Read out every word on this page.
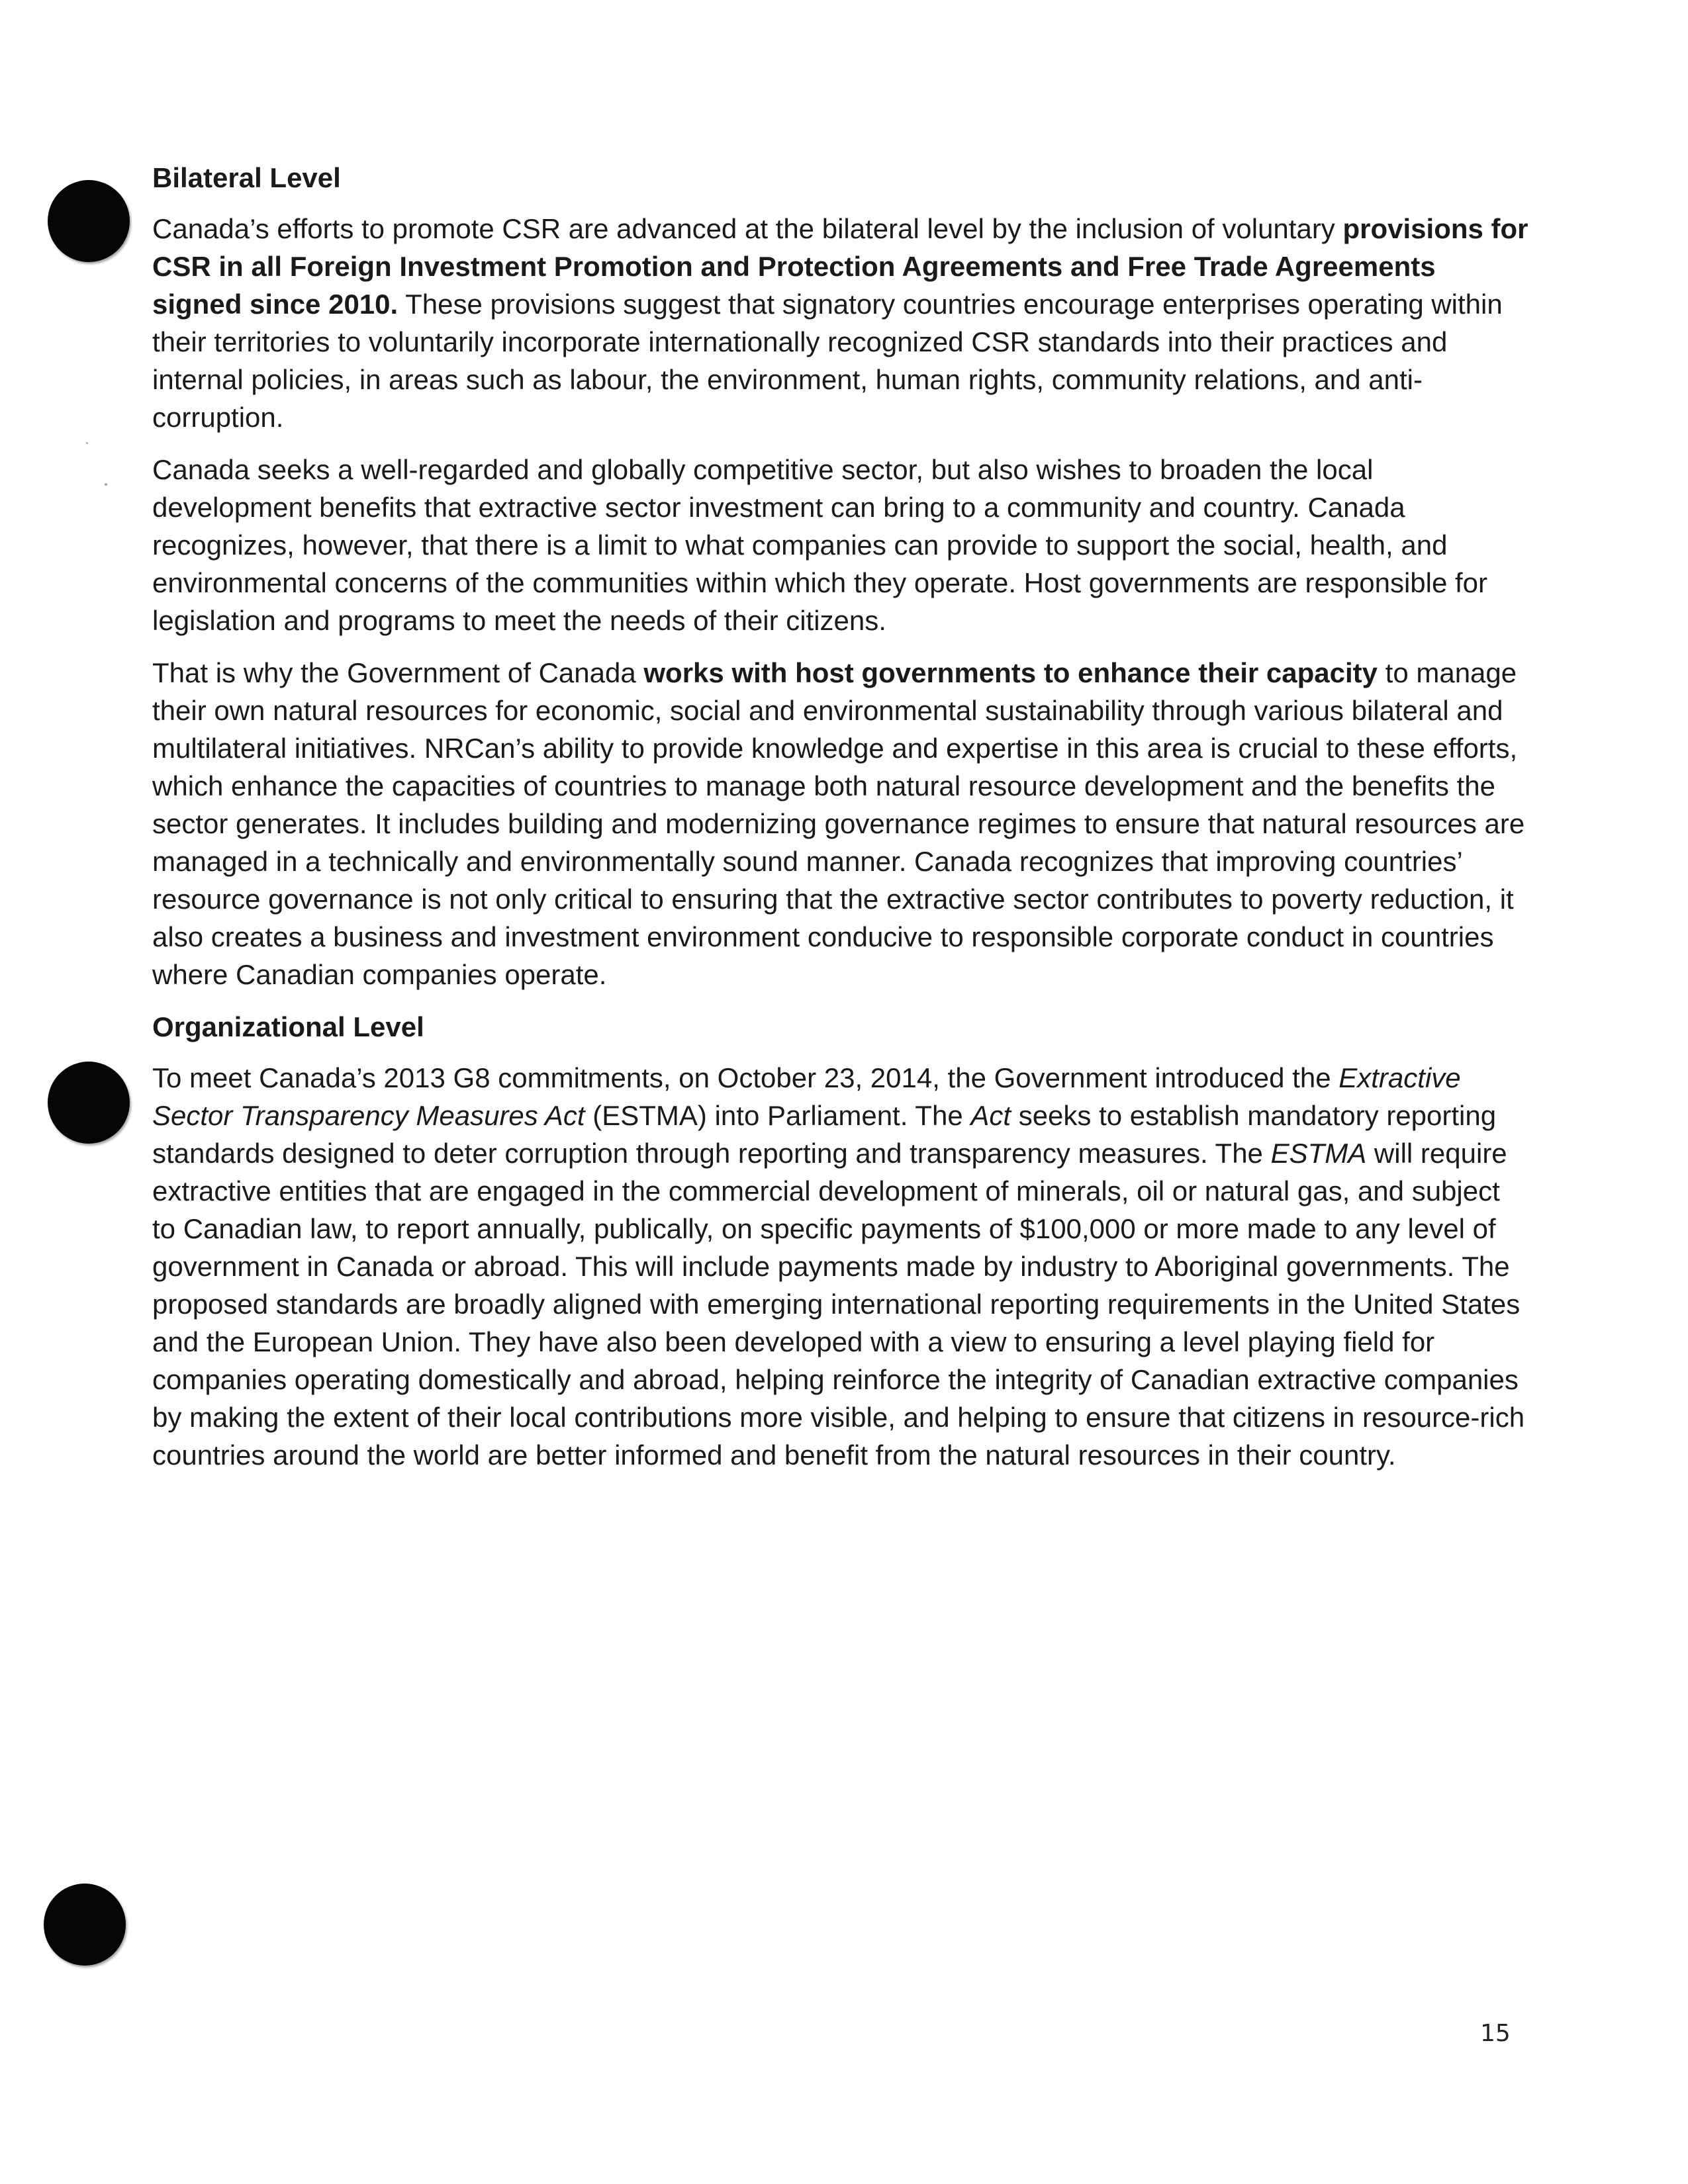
Bilateral Level

Canada’s efforts to promote CSR are advanced at the bilateral level by the inclusion of voluntary provisions for CSR in all Foreign Investment Promotion and Protection Agreements and Free Trade Agreements signed since 2010. These provisions suggest that signatory countries encourage enterprises operating within their territories to voluntarily incorporate internationally recognized CSR standards into their practices and internal policies, in areas such as labour, the environment, human rights, community relations, and anti-corruption.

Canada seeks a well-regarded and globally competitive sector, but also wishes to broaden the local development benefits that extractive sector investment can bring to a community and country. Canada recognizes, however, that there is a limit to what companies can provide to support the social, health, and environmental concerns of the communities within which they operate. Host governments are responsible for legislation and programs to meet the needs of their citizens.

That is why the Government of Canada works with host governments to enhance their capacity to manage their own natural resources for economic, social and environmental sustainability through various bilateral and multilateral initiatives. NRCan’s ability to provide knowledge and expertise in this area is crucial to these efforts, which enhance the capacities of countries to manage both natural resource development and the benefits the sector generates. It includes building and modernizing governance regimes to ensure that natural resources are managed in a technically and environmentally sound manner. Canada recognizes that improving countries’ resource governance is not only critical to ensuring that the extractive sector contributes to poverty reduction, it also creates a business and investment environment conducive to responsible corporate conduct in countries where Canadian companies operate.

Organizational Level

To meet Canada’s 2013 G8 commitments, on October 23, 2014, the Government introduced the Extractive Sector Transparency Measures Act (ESTMA) into Parliament. The Act seeks to establish mandatory reporting standards designed to deter corruption through reporting and transparency measures. The ESTMA will require extractive entities that are engaged in the commercial development of minerals, oil or natural gas, and subject to Canadian law, to report annually, publically, on specific payments of $100,000 or more made to any level of government in Canada or abroad. This will include payments made by industry to Aboriginal governments. The proposed standards are broadly aligned with emerging international reporting requirements in the United States and the European Union. They have also been developed with a view to ensuring a level playing field for companies operating domestically and abroad, helping reinforce the integrity of Canadian extractive companies by making the extent of their local contributions more visible, and helping to ensure that citizens in resource-rich countries around the world are better informed and benefit from the natural resources in their country.

15
